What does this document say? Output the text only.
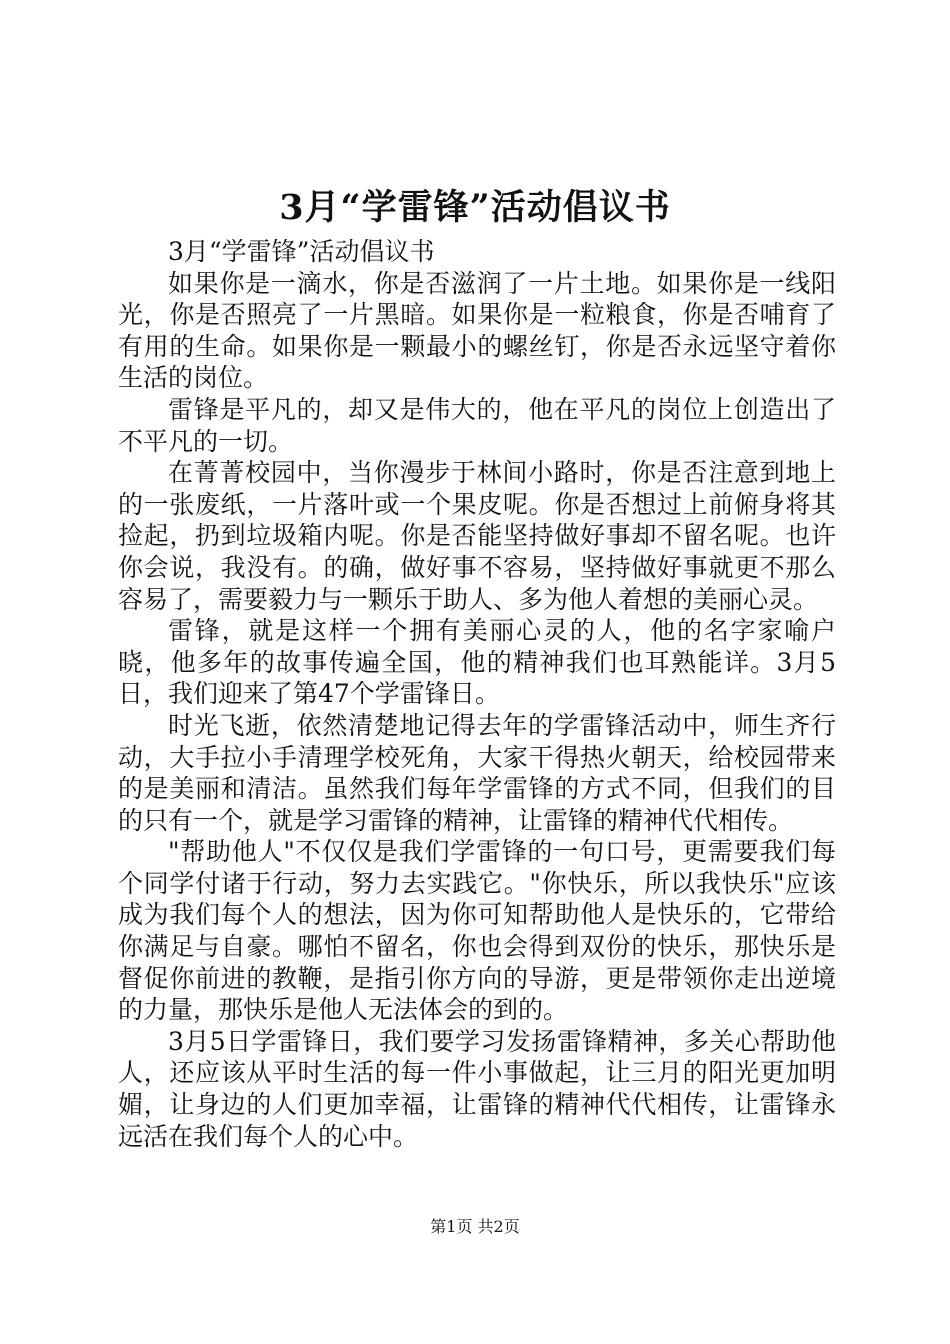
3月“学雷锋”活动倡议书

3月“学雷锋”活动倡议书

如果你是一滴水，你是否滋润了一片土地。如果你是一线阳光，你是否照亮了一片黑暗。如果你是一粒粮食，你是否哺育了有用的生命。如果你是一颗最小的螺丝钉，你是否永远坚守着你生活的岗位。

雷锋是平凡的，却又是伟大的，他在平凡的岗位上创造出了不平凡的一切。

在菁菁校园中，当你漫步于林间小路时，你是否注意到地上的一张废纸，一片落叶或一个果皮呢。你是否想过上前俯身将其捡起，扔到垃圾箱内呢。你是否能坚持做好事却不留名呢。也许你会说，我没有。的确，做好事不容易，坚持做好事就更不那么容易了，需要毅力与一颗乐于助人、多为他人着想的美丽心灵。

雷锋，就是这样一个拥有美丽心灵的人，他的名字家喻户晓，他多年的故事传遍全国，他的精神我们也耳熟能详。3月5日，我们迎来了第47个学雷锋日。

时光飞逝，依然清楚地记得去年的学雷锋活动中，师生齐行动，大手拉小手清理学校死角，大家干得热火朝天，给校园带来的是美丽和清洁。虽然我们每年学雷锋的方式不同，但我们的目的只有一个，就是学习雷锋的精神，让雷锋的精神代代相传。

"帮助他人"不仅仅是我们学雷锋的一句口号，更需要我们每个同学付诸于行动，努力去实践它。"你快乐，所以我快乐"应该成为我们每个人的想法，因为你可知帮助他人是快乐的，它带给你满足与自豪。哪怕不留名，你也会得到双份的快乐，那快乐是督促你前进的教鞭，是指引你方向的导游，更是带领你走出逆境的力量，那快乐是他人无法体会的到的。

3月5日学雷锋日，我们要学习发扬雷锋精神，多关心帮助他人，还应该从平时生活的每一件小事做起，让三月的阳光更加明媚，让身边的人们更加幸福，让雷锋的精神代代相传，让雷锋永远活在我们每个人的心中。

第1页 共2页
